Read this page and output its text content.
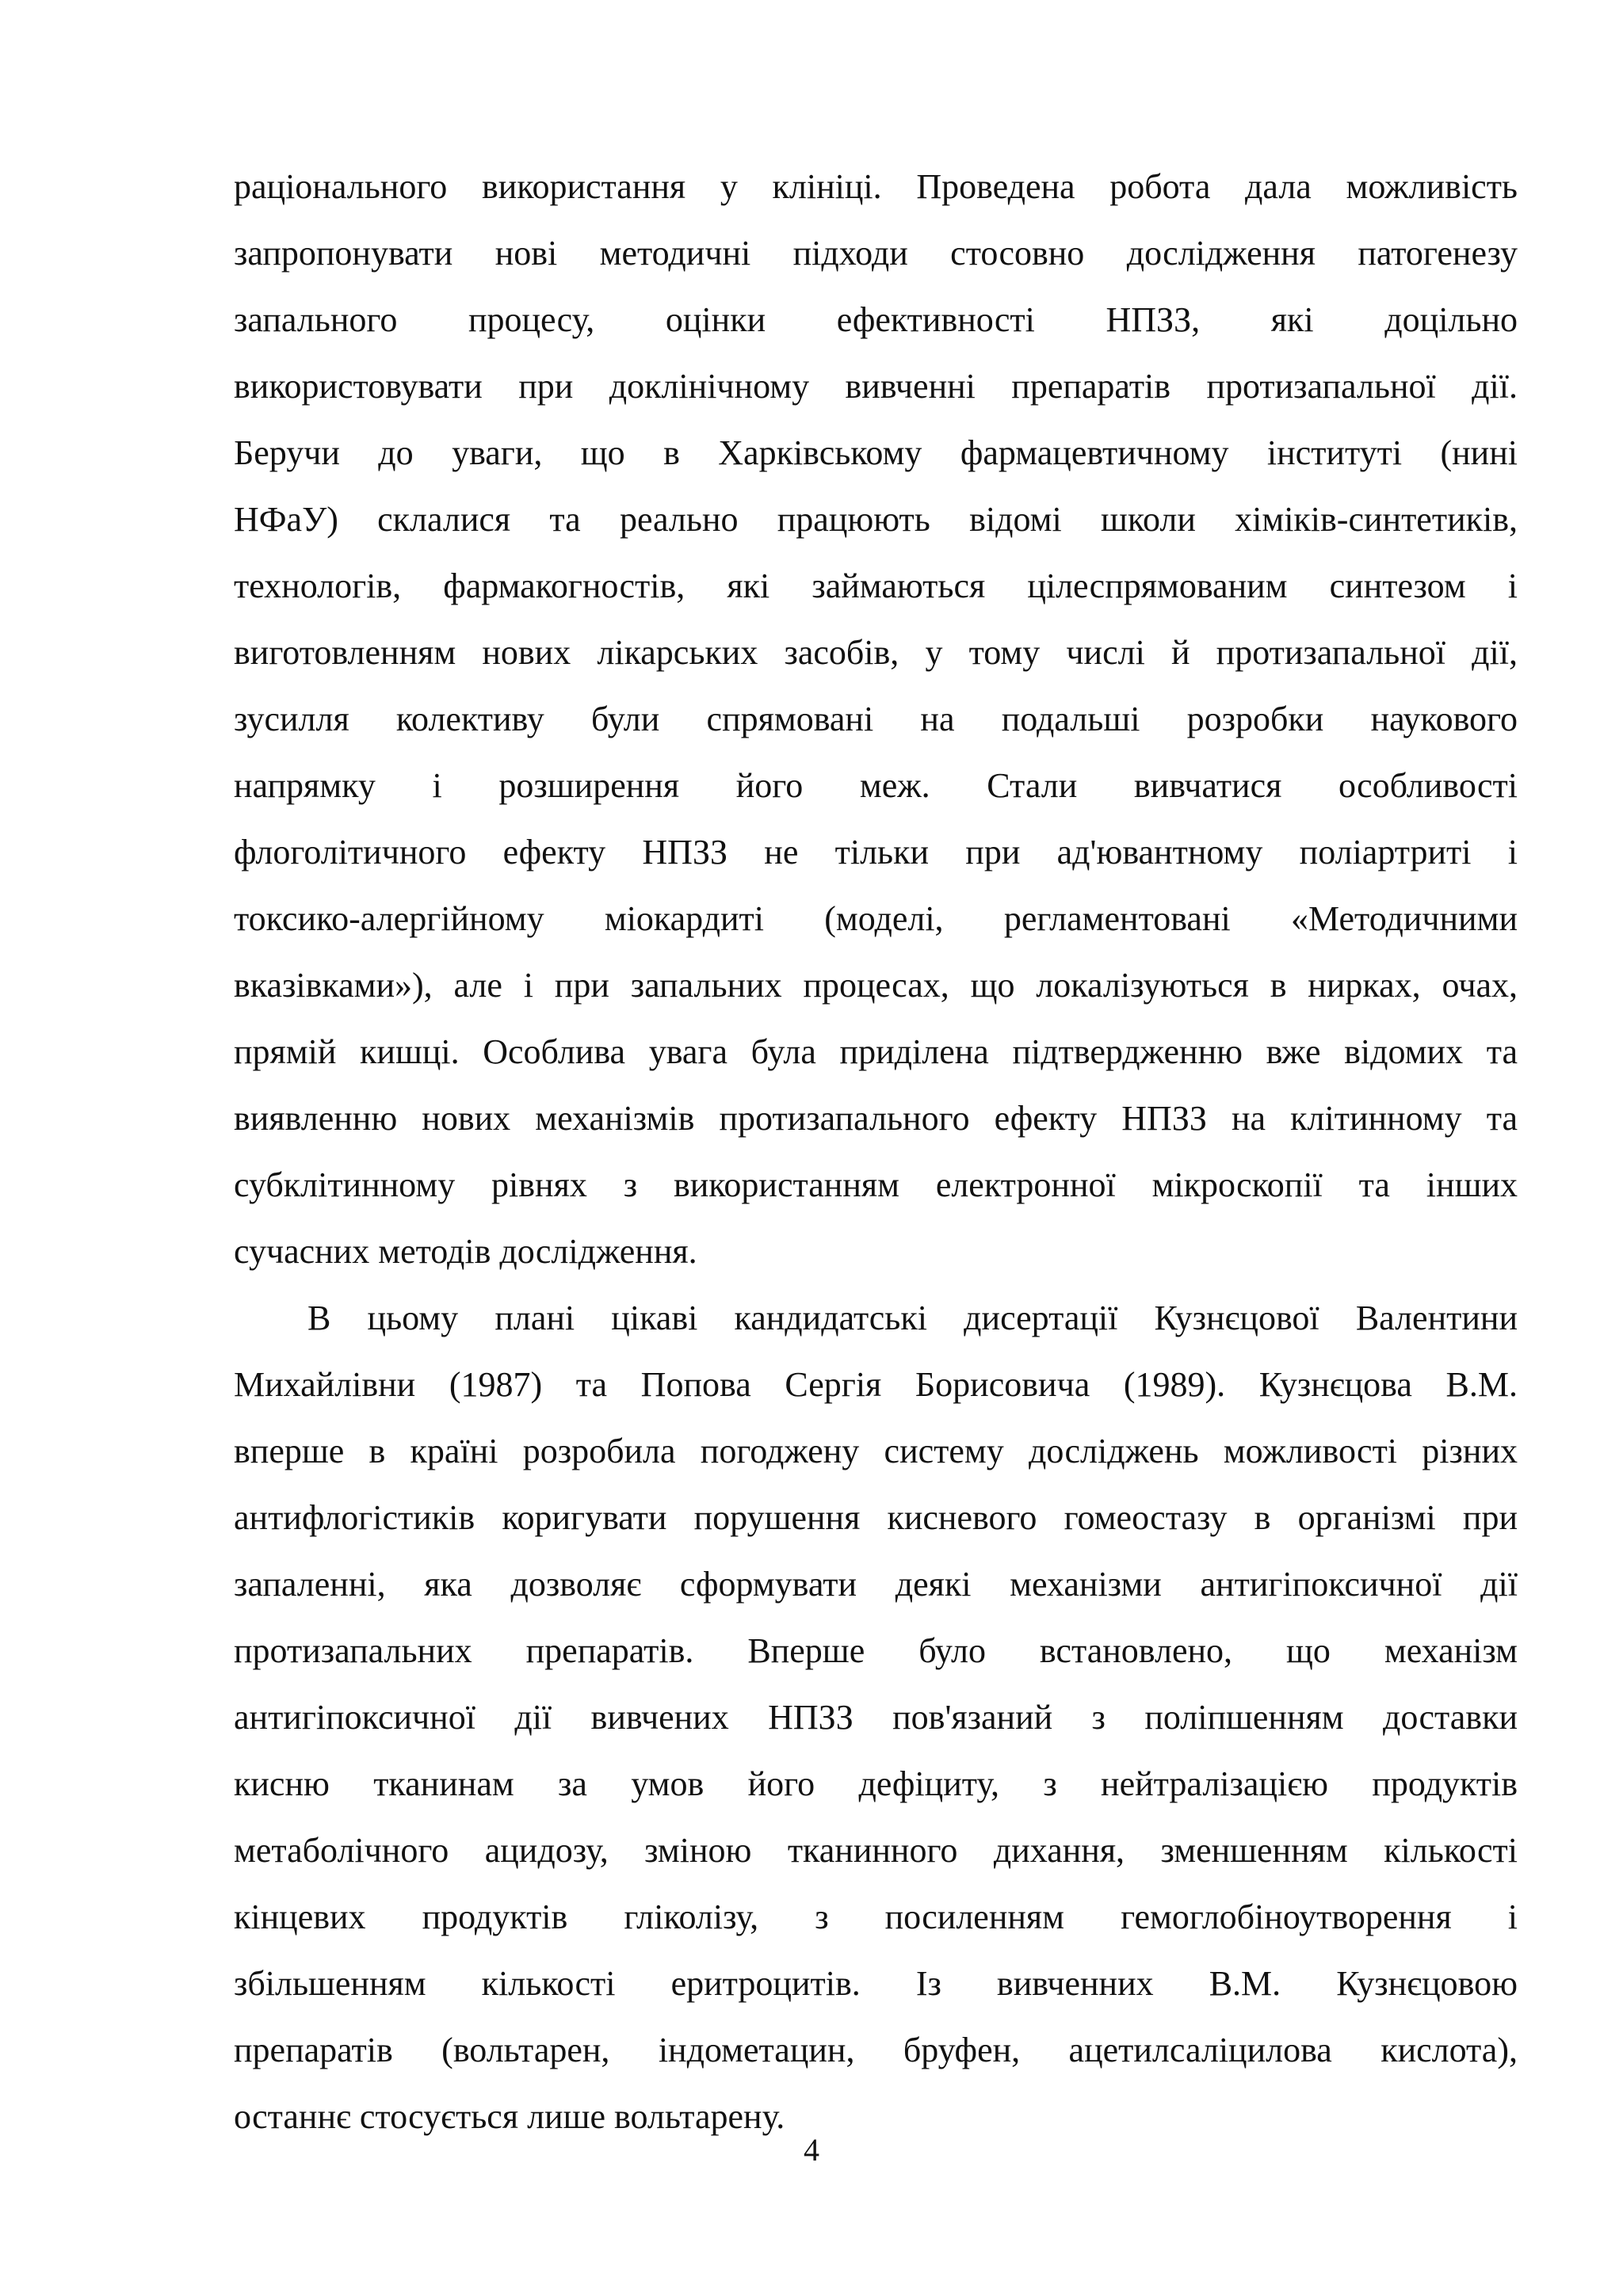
раціонального використання у клініці. Проведена робота дала можливість
запропонувати нові методичні підходи стосовно дослідження патогенезу
запального процесу, оцінки ефективності НПЗЗ, які доцільно
використовувати при доклінічному вивченні препаратів протизапальної дії.
Беручи до уваги, що в Харківському фармацевтичному інституті (нині
НФаУ) склалися та реально працюють відомі школи хіміків-синтетиків,
технологів, фармакогностів, які займаються цілеспрямованим синтезом і
виготовленням нових лікарських засобів, у тому числі й протизапальної дії,
зусилля колективу були спрямовані на подальші розробки наукового
напрямку і розширення його меж. Стали вивчатися особливості
флоголітичного ефекту НПЗЗ не тільки при ад'ювантному поліартриті і
токсико-алергійному міокардиті (моделі, регламентовані «Методичними
вказівками»), але і при запальних процесах, що локалізуються в нирках, очах,
прямій кишці. Особлива увага була приділена підтвердженню вже відомих та
виявленню нових механізмів протизапального ефекту НПЗЗ на клітинному та
субклітинному рівнях з використанням електронної мікроскопії та інших
сучасних методів дослідження.
В цьому плані цікаві кандидатські дисертації Кузнєцової Валентини
Михайлівни (1987) та Попова Сергія Борисовича (1989). Кузнєцова В.М.
вперше в країні розробила погоджену систему досліджень можливості різних
антифлогістиків коригувати порушення кисневого гомеостазу в організмі при
запаленні, яка дозволяє сформувати деякі механізми антигіпоксичної дії
протизапальних препаратів. Вперше було встановлено, що механізм
антигіпоксичної дії вивчених НПЗЗ пов'язаний з поліпшенням доставки
кисню тканинам за умов його дефіциту, з нейтралізацією продуктів
метаболічного ацидозу, зміною тканинного дихання, зменшенням кількості
кінцевих продуктів гліколізу, з посиленням гемоглобіноутворення і
збільшенням кількості еритроцитів. Із вивченних В.М. Кузнєцовою
препаратів (вольтарен, індометацин, бруфен, ацетилсаліцилова кислота),
останнє стосується лише вольтарену.
4
